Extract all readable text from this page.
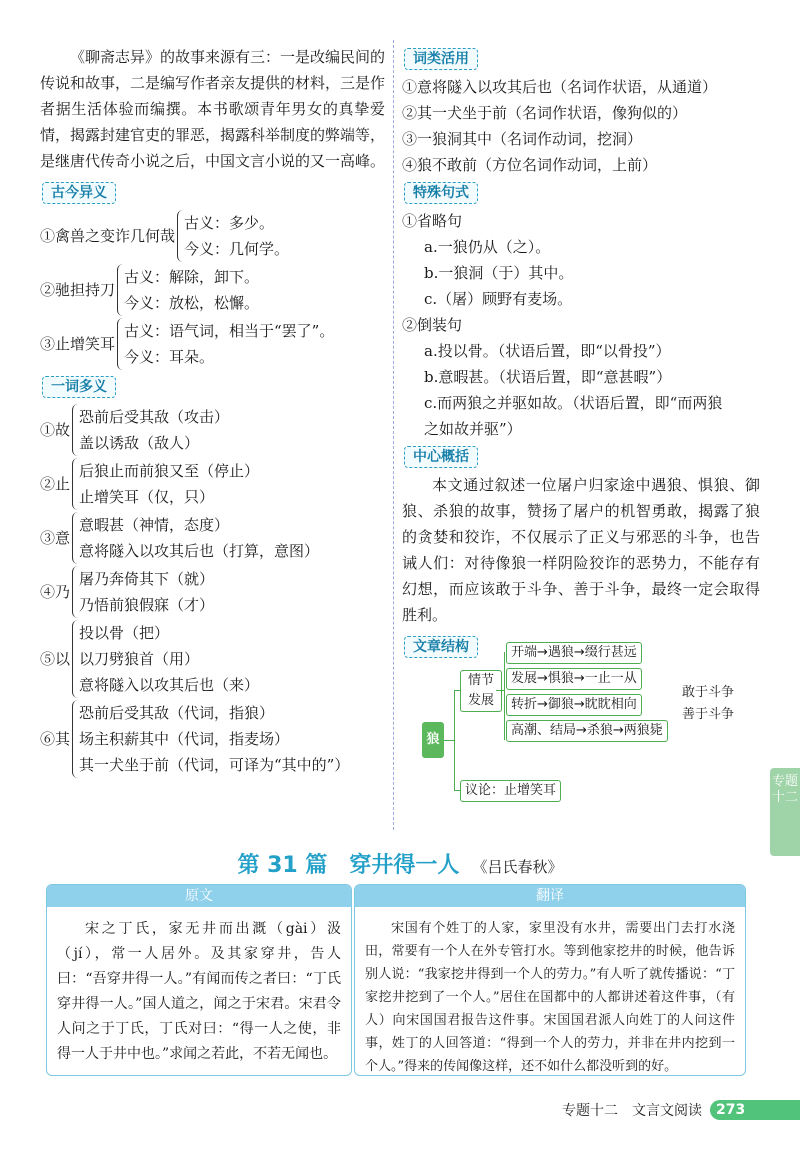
《聊斋志异》的故事来源有三：一是改编民间的传说和故事，二是编写作者亲友提供的材料，三是作者据生活体验而编撰。本书歌颂青年男女的真挚爱情，揭露封建官吏的罪恶，揭露科举制度的弊端等，是继唐代传奇小说之后，中国文言小说的又一高峰。

古今异义
①禽兽之变诈几何哉
古义：多少。
今义：几何学。
②驰担持刀
古义：解除，卸下。
今义：放松，松懈。
③止增笑耳
古义：语气词，相当于“罢了”。
今义：耳朵。
一词多义
①故
恐前后受其敌（攻击）
盖以诱敌（敌人）
②止
后狼止而前狼又至（停止）
止增笑耳（仅，只）
③意
意暇甚（神情，态度）
意将隧入以攻其后也（打算，意图）
④乃
屠乃奔倚其下（就）
乃悟前狼假寐（才）
⑤以
投以骨（把）
以刀劈狼首（用）
意将隧入以攻其后也（来）
⑥其
恐前后受其敌（代词，指狼）
场主积薪其中（代词，指麦场）
其一犬坐于前（代词，可译为“其中的”）
词类活用

①意将隧入以攻其后也（名词作状语，从通道）

②其一犬坐于前（名词作状语，像狗似的）

③一狼洞其中（名词作动词，挖洞）

④狼不敢前（方位名词作动词，上前）

特殊句式

①省略句

a.一狼仍从（之）。

b.一狼洞（于）其中。

c.（屠）顾野有麦场。

②倒装句

a.投以骨。（状语后置，即“以骨投”）

b.意暇甚。（状语后置，即“意甚暇”）

c.而两狼之并驱如故。（状语后置，即“而两狼

之如故并驱”）

中心概括

本文通过叙述一位屠户归家途中遇狼、惧狼、御狼、杀狼的故事，赞扬了屠户的机智勇敢，揭露了狼的贪婪和狡诈，不仅展示了正义与邪恶的斗争，也告诫人们：对待像狼一样阴险狡诈的恶势力，不能存有幻想，而应该敢于斗争、善于斗争，最终一定会取得胜利。

文章结构
狼
情节发展
开端→遇狼→缀行甚远
发展→惧狼→一止一从
转折→御狼→眈眈相向
高潮、结局→杀狼→两狼毙
议论：止增笑耳
敢于斗争
善于斗争
专题十二
第 31 篇　穿井得一人 《吕氏春秋》
原文
宋之丁氏，家无井而出溉（gài）汲（jí），常一人居外。及其家穿井，告人曰：“吾穿井得一人。”有闻而传之者曰：“丁氏穿井得一人。”国人道之，闻之于宋君。宋君令人问之于丁氏，丁氏对曰：“得一人之使，非得一人于井中也。”求闻之若此，不若无闻也。
翻译
宋国有个姓丁的人家，家里没有水井，需要出门去打水浇田，常要有一个人在外专管打水。等到他家挖井的时候，他告诉别人说：“我家挖井得到一个人的劳力。”有人听了就传播说：“丁家挖井挖到了一个人。”居住在国都中的人都讲述着这件事，（有人）向宋国国君报告这件事。宋国国君派人向姓丁的人问这件事，姓丁的人回答道：“得到一个人的劳力，并非在井内挖到一个人。”得来的传闻像这样，还不如什么都没听到的好。
专题十二　文言文阅读	273
